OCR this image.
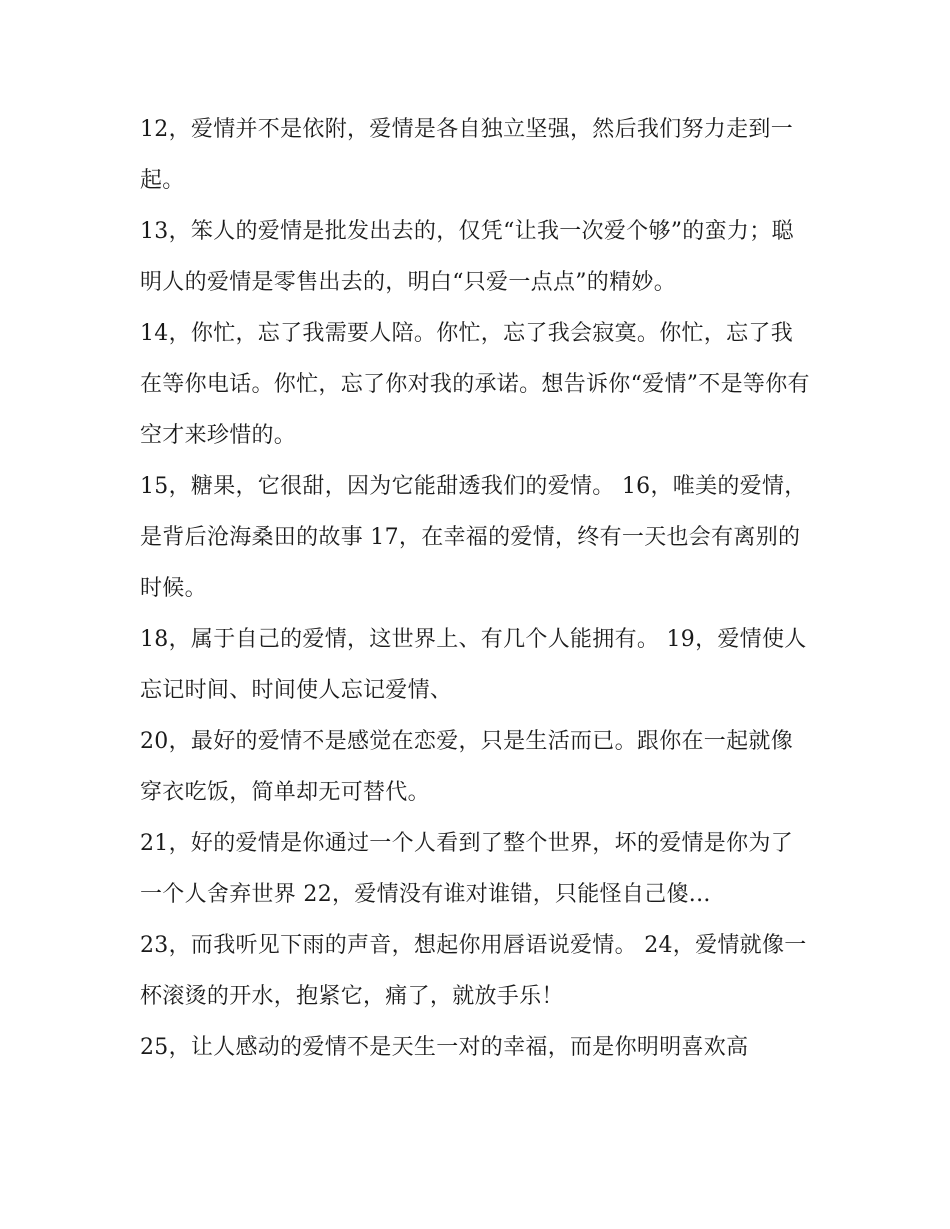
12，爱情并不是依附，爱情是各自独立坚强，然后我们努力走到一起。

13，笨人的爱情是批发出去的，仅凭“让我一次爱个够”的蛮力；聪明人的爱情是零售出去的，明白“只爱一点点”的精妙。

14，你忙，忘了我需要人陪。你忙，忘了我会寂寞。你忙，忘了我在等你电话。你忙，忘了你对我的承诺。想告诉你“爱情”不是等你有空才来珍惜的。

15，糖果，它很甜，因为它能甜透我们的爱情。 16，唯美的爱情，是背后沧海桑田的故事 17，在幸福的爱情，终有一天也会有离别的时候。

18，属于自己的爱情，这世界上、有几个人能拥有。 19，爱情使人忘记时间、时间使人忘记爱情、

20，最好的爱情不是感觉在恋爱，只是生活而已。跟你在一起就像穿衣吃饭，简单却无可替代。

21，好的爱情是你通过一个人看到了整个世界，坏的爱情是你为了一个人舍弃世界 22，爱情没有谁对谁错，只能怪自己傻...

23，而我听见下雨的声音，想起你用唇语说爱情。 24，爱情就像一杯滚烫的开水，抱紧它，痛了，就放手乐！

25，让人感动的爱情不是天生一对的幸福，而是你明明喜欢高
